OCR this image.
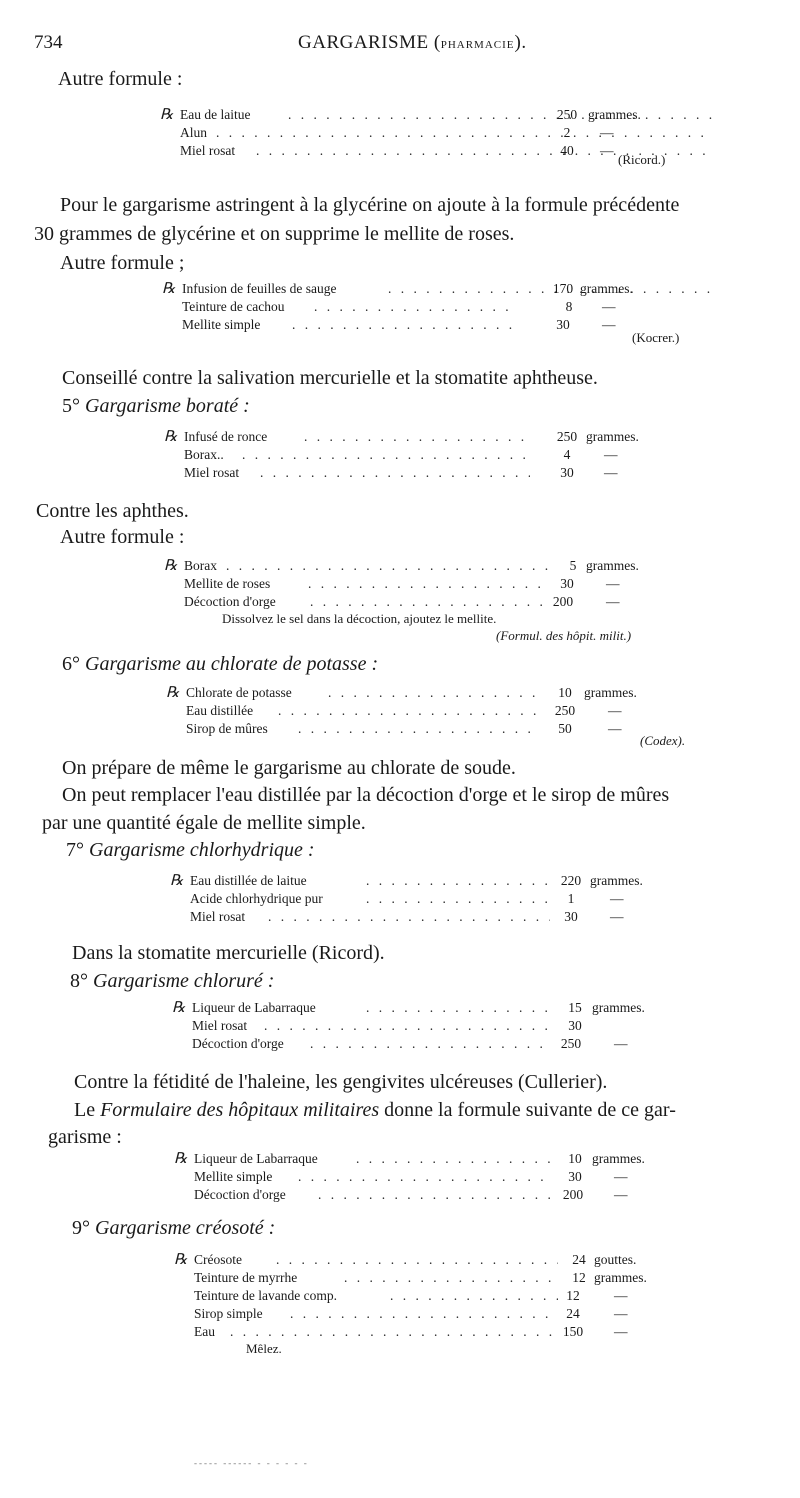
734	GARGARISME (PHARMACIE).
Autre formule :
℞ Eau de laitue . . .	250 grammes.
Alun . . .	2	—
Miel rosat . . .	40	—
(Ricord.)
Pour le gargarisme astringent à la glycérine on ajoute à la formule précédente
30 grammes de glycérine et on supprime le mellite de roses.
Autre formule ;
℞ Infusion de feuilles de sauge . . .	170 grammes.
Teinture de cachou . . .	8	—
Mellite simple . . .	30	—
(Kocrer.)
Conseillé contre la salivation mercurielle et la stomatite aphtheuse.
5° Gargarisme boraté :
℞ Infusé de ronce . . .	250 grammes.
Borax.. . . .	4	—
Miel rosat . . .	30	—
Contre les aphthes.
Autre formule :
℞ Borax . . .	5 grammes.
Mellite de roses . . .	30	—
Décoction d'orge . . .	200	—
Dissolvez le sel dans la décoction, ajoutez le mellite.
(Formul. des hôpit. milit.)
6° Gargarisme au chlorate de potasse :
℞ Chlorate de potasse . . .	10 grammes.
Eau distillée . . .	250	—
Sirop de mûres . . .	50	—
(Codex).
On prépare de même le gargarisme au chlorate de soude.
On peut remplacer l'eau distillée par la décoction d'orge et le sirop de mûres
par une quantité égale de mellite simple.
7° Gargarisme chlorhydrique :
℞ Eau distillée de laitue . . .	220 grammes.
Acide chlorhydrique pur . . .	1	—
Miel rosat . . .	30	—
Dans la stomatite mercurielle (Ricord).
8° Gargarisme chloruré :
℞ Liqueur de Labarraque . . .	15 grammes.
Miel rosat . . .	30
Décoction d'orge . . .	250	—
Contre la fétidité de l'haleine, les gengivites ulcéreuses (Cullerier).
Le Formulaire des hôpitaux militaires donne la formule suivante de ce gar-
garisme :
℞ Liqueur de Labarraque . . .	10 grammes.
Mellite simple . . .	30	—
Décoction d'orge . . .	200	—
9° Gargarisme créosoté :
℞ Créosote . . .	24 gouttes.
Teinture de myrrhe . . .	12 grammes.
Teinture de lavande comp. . . .	12	—
Sirop simple . . .	24	—
Eau . . .	150	—
Mêlez.
----- ------ - - - - - -
